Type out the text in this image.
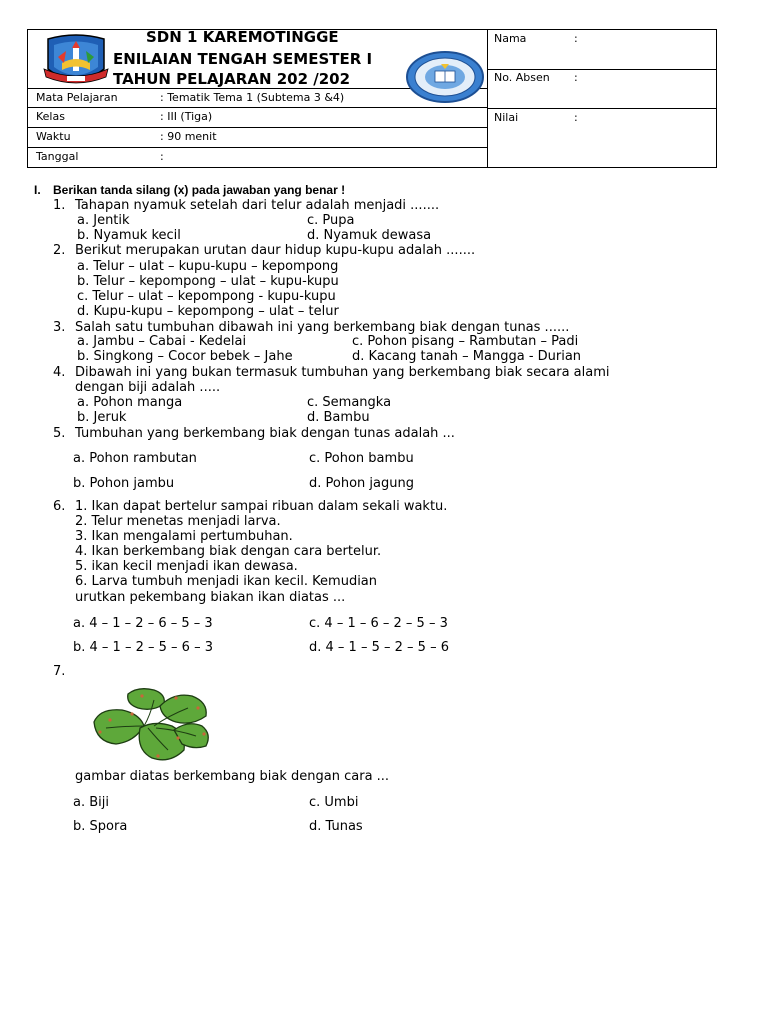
SDN 1 KAREMOTINGGE
ENILAIAN TENGAH SEMESTER I
TAHUN PELAJARAN 202 /202
Mata Pelajaran	: Tematik Tema 1 (Subtema 3 &4)
Kelas	: III (Tiga)
Waktu	: 90 menit
Tanggal	:
Nama	:
No. Absen :
Nilai	:
I. Berikan tanda silang (x) pada jawaban yang benar !
1. Tahapan nyamuk setelah dari telur adalah menjadi .......
a. Jentik
b. Nyamuk kecil
c. Pupa
d. Nyamuk dewasa
2. Berikut merupakan urutan daur hidup kupu-kupu adalah .......
a. Telur – ulat – kupu-kupu – kepompong
b. Telur – kepompong – ulat – kupu-kupu
c. Telur – ulat – kepompong - kupu-kupu
d. Kupu-kupu – kepompong – ulat – telur
3. Salah satu tumbuhan dibawah ini yang berkembang biak dengan tunas ......
a. Jambu – Cabai - Kedelai
b. Singkong – Cocor bebek – Jahe
c. Pohon pisang – Rambutan – Padi
d. Kacang tanah – Mangga - Durian
4. Dibawah ini yang bukan termasuk tumbuhan yang berkembang biak secara alami
dengan biji adalah .....
a. Pohon manga
b. Jeruk
c. Semangka
d. Bambu
5. Tumbuhan yang berkembang biak dengan tunas adalah ...
a. Pohon rambutan
b. Pohon jambu
c. Pohon bambu
d. Pohon jagung
6. 1. Ikan dapat bertelur sampai ribuan dalam sekali waktu.
2. Telur menetas menjadi larva.
3. Ikan mengalami pertumbuhan.
4. Ikan berkembang biak dengan cara bertelur.
5. ikan kecil menjadi ikan dewasa.
6. Larva tumbuh menjadi ikan kecil. Kemudian
urutkan pekembang biakan ikan diatas ...
a. 4 – 1 – 2 – 6 – 5 – 3
b. 4 – 1 – 2 – 5 – 6 – 3
c. 4 – 1 – 6 – 2 – 5 – 3
d. 4 – 1 – 5 – 2 – 5 – 6
7.
gambar diatas berkembang biak dengan cara ...
a. Biji
b. Spora
c. Umbi
d. Tunas
